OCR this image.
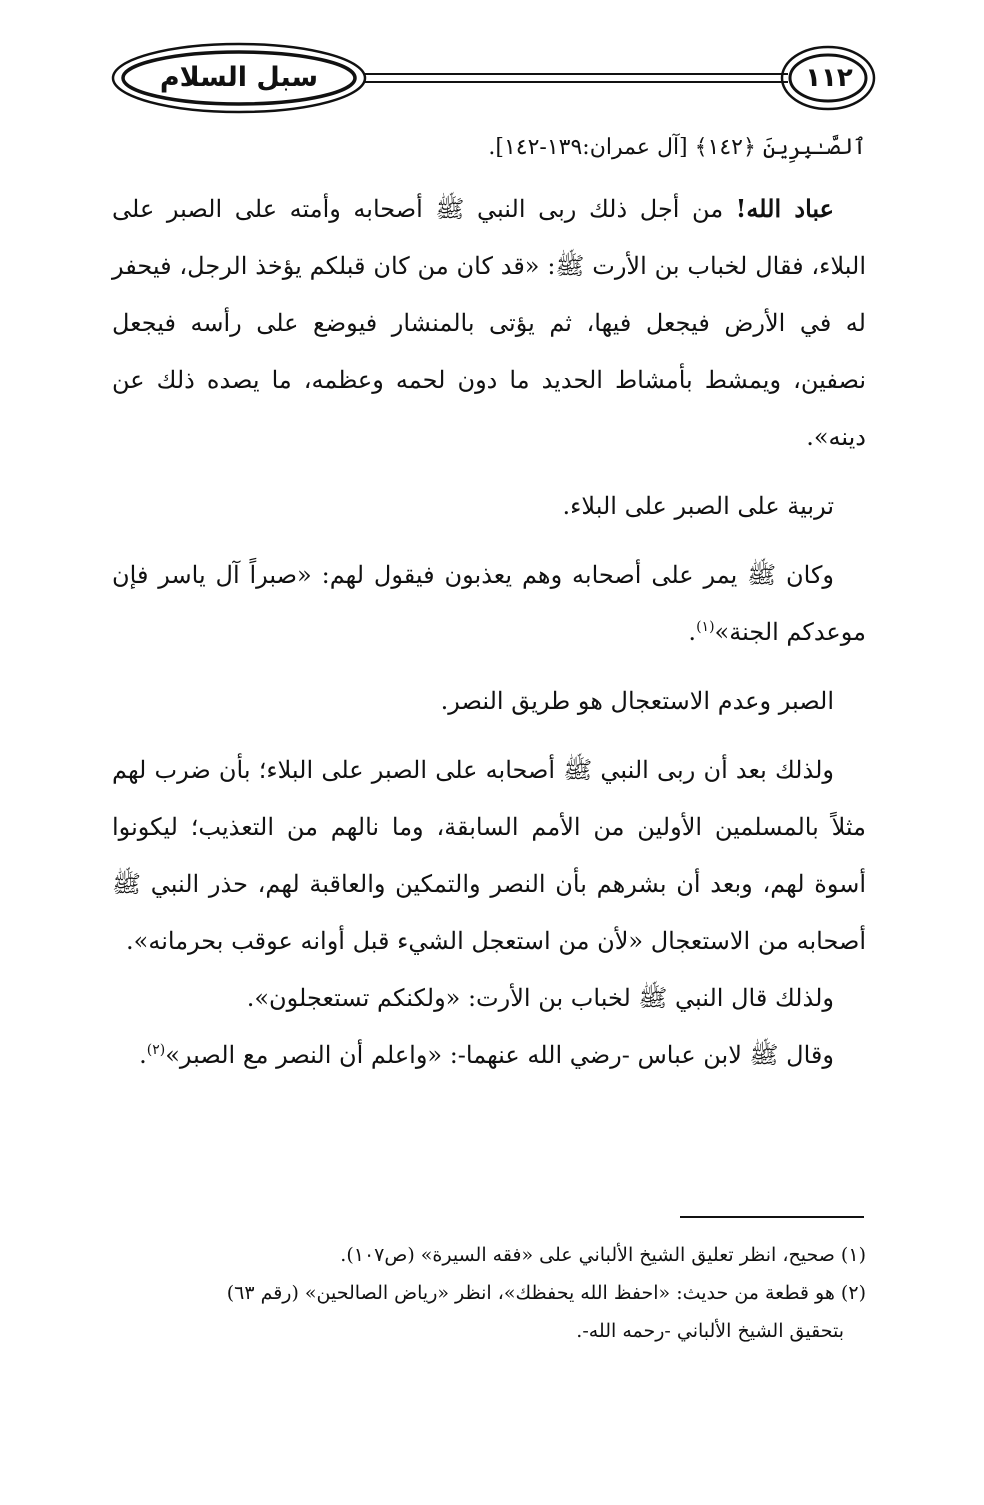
سبل السلام	١١٢

ٱلصَّـٰبِرِينَ ﴿١٤٢﴾ [آل عمران:١٣٩-١٤٢].

عباد الله! من أجل ذلك ربى النبي ﷺ أصحابه وأمته على الصبر على البلاء، فقال لخباب بن الأرت ﷺ: «قد كان من كان قبلكم يؤخذ الرجل، فيحفر له في الأرض فيجعل فيها، ثم يؤتى بالمنشار فيوضع على رأسه فيجعل نصفين، ويمشط بأمشاط الحديد ما دون لحمه وعظمه، ما يصده ذلك عن دينه».

تربية على الصبر على البلاء.

وكان ﷺ يمر على أصحابه وهم يعذبون فيقول لهم: «صبراً آل ياسر فإن موعدكم الجنة»$^{(١)}$.

الصبر وعدم الاستعجال هو طريق النصر.

ولذلك بعد أن ربى النبي ﷺ أصحابه على الصبر على البلاء؛ بأن ضرب لهم مثلاً بالمسلمين الأولين من الأمم السابقة، وما نالهم من التعذيب؛ ليكونوا أسوة لهم، وبعد أن بشرهم بأن النصر والتمكين والعاقبة لهم، حذر النبي ﷺ أصحابه من الاستعجال «لأن من استعجل الشيء قبل أوانه عوقب بحرمانه».

ولذلك قال النبي ﷺ لخباب بن الأرت: «ولكنكم تستعجلون».

وقال ﷺ لابن عباس -رضي الله عنهما-: «واعلم أن النصر مع الصبر»$^{(٢)}$.

(١) صحيح، انظر تعليق الشيخ الألباني على «فقه السيرة» (ص١٠٧).

(٢) هو قطعة من حديث: «احفظ الله يحفظك»، انظر «رياض الصالحين» (رقم ٦٣)

بتحقيق الشيخ الألباني -رحمه الله-.
